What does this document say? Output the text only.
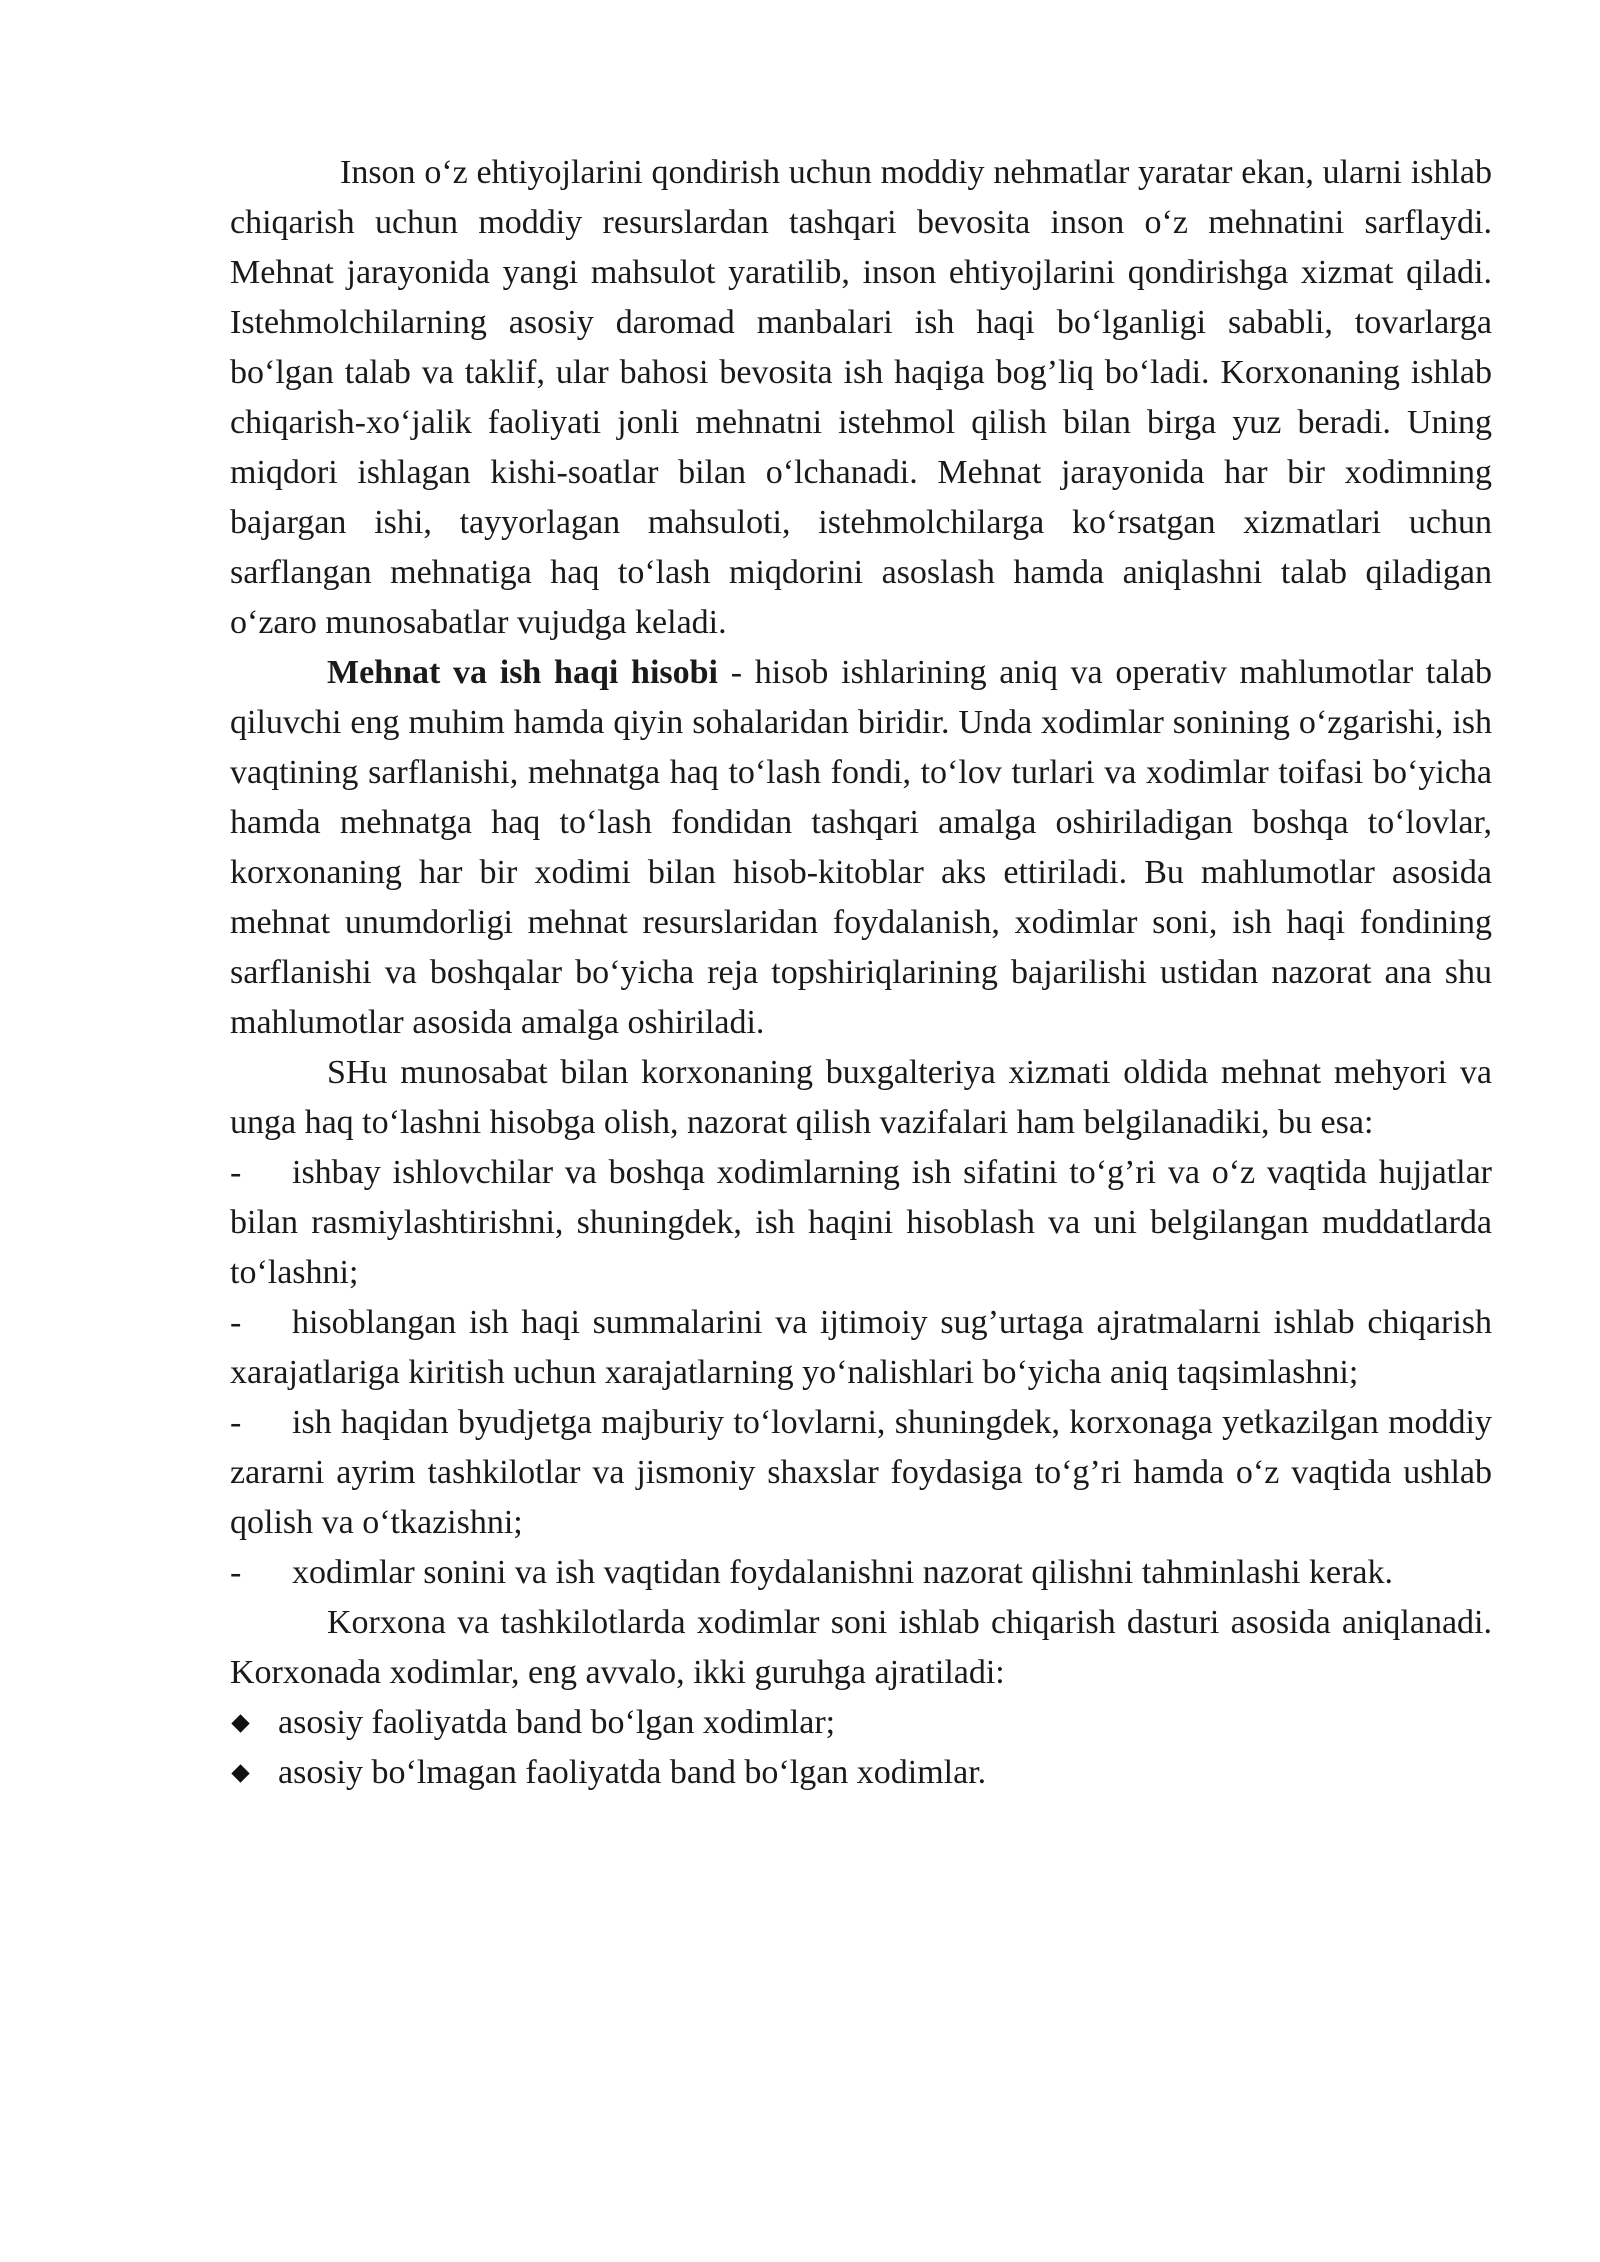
Inson o‘z ehtiyojlarini qondirish uchun moddiy nehmatlar yaratar ekan, ularni ishlab chiqarish uchun moddiy resurslardan tashqari bevosita inson o‘z mehnatini sarflaydi. Mehnat jarayonida yangi mahsulot yaratilib, inson ehtiyojlarini qondirishga xizmat qiladi. Istehmolchilarning asosiy daromad manbalari ish haqi bo‘lganligi sababli, tovarlarga bo‘lgan talab va taklif, ular bahosi bevosita ish haqiga bog’liq bo‘ladi. Korxonaning ishlab chiqarish-xo‘jalik faoliyati jonli mehnatni istehmol qilish bilan birga yuz beradi. Uning miqdori ishlagan kishi-soatlar bilan o‘lchanadi. Mehnat jarayonida har bir xodimning bajargan ishi, tayyorlagan mahsuloti, istehmolchilarga ko‘rsatgan xizmatlari uchun sarflangan mehnatiga haq to‘lash miqdorini asoslash hamda aniqlashni talab qiladigan o‘zaro munosabatlar vujudga keladi.

Mehnat va ish haqi hisobi - hisob ishlarining aniq va operativ mahlumotlar talab qiluvchi eng muhim hamda qiyin sohalaridan biridir. Unda xodimlar sonining o‘zgarishi, ish vaqtining sarflanishi, mehnatga haq to‘lash fondi, to‘lov turlari va xodimlar toifasi bo‘yicha hamda mehnatga haq to‘lash fondidan tashqari amalga oshiriladigan boshqa to‘lovlar, korxonaning har bir xodimi bilan hisob-kitoblar aks ettiriladi. Bu mahlumotlar asosida mehnat unumdorligi mehnat resurslaridan foydalanish, xodimlar soni, ish haqi fondining sarflanishi va boshqalar bo‘yicha reja topshiriqlarining bajarilishi ustidan nazorat ana shu mahlumotlar asosida amalga oshiriladi.

SHu munosabat bilan korxonaning buxgalteriya xizmati oldida mehnat mehyori va unga haq to‘lashni hisobga olish, nazorat qilish vazifalari ham belgilanadiki, bu esa:

- ishbay ishlovchilar va boshqa xodimlarning ish sifatini to‘g’ri va o‘z vaqtida hujjatlar bilan rasmiylashtirishni, shuningdek, ish haqini hisoblash va uni belgilangan muddatlarda to‘lashni;
- hisoblangan ish haqi summalarini va ijtimoiy sug’urtaga ajratmalarni ishlab chiqarish xarajatlariga kiritish uchun xarajatlarning yo‘nalishlari bo‘yicha aniq taqsimlashni;
- ish haqidan byudjetga majburiy to‘lovlarni, shuningdek, korxonaga yetkazilgan moddiy zararni ayrim tashkilotlar va jismoniy shaxslar foydasiga to‘g’ri hamda o‘z vaqtida ushlab qolish va o‘tkazishni;
- xodimlar sonini va ish vaqtidan foydalanishni nazorat qilishni tahminlashi kerak.

Korxona va tashkilotlarda xodimlar soni ishlab chiqarish dasturi asosida aniqlanadi. Korxonada xodimlar, eng avvalo, ikki guruhga ajratiladi:

asosiy faoliyatda band bo‘lgan xodimlar;
asosiy bo‘lmagan faoliyatda band bo‘lgan xodimlar.
